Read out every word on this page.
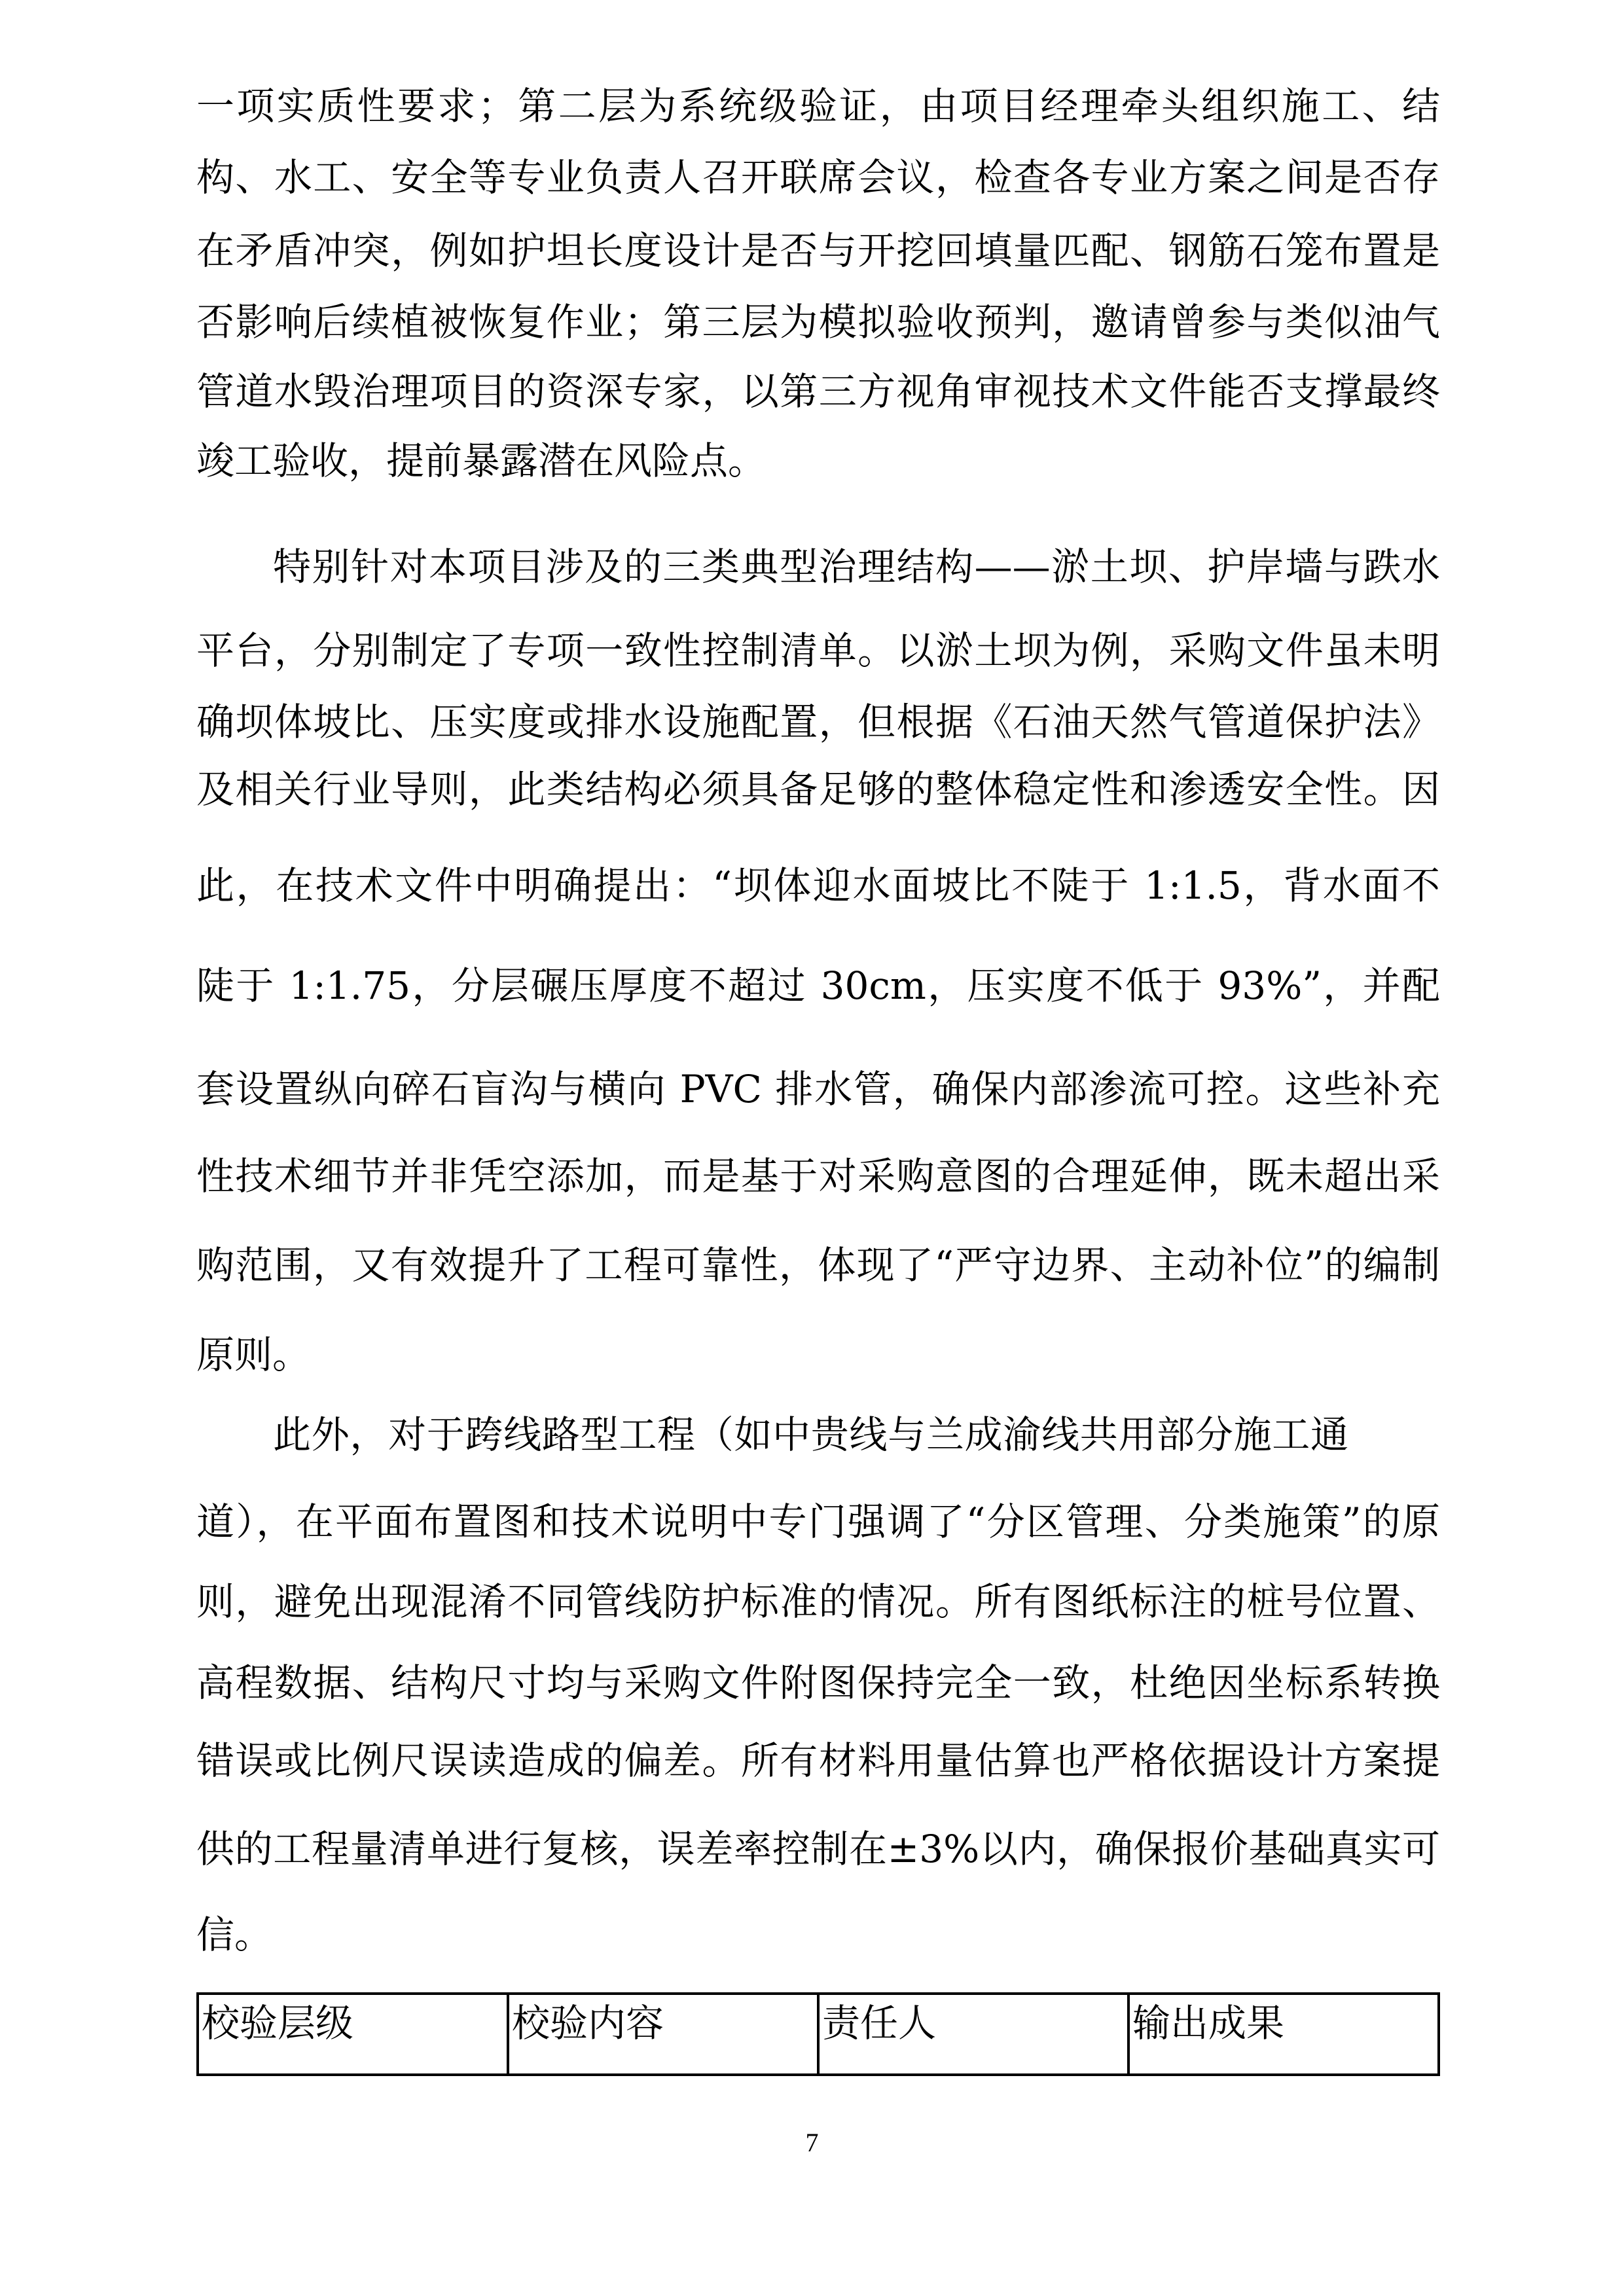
一项实质性要求；第二层为系统级验证，由项目经理牵头组织施工、结
构、水工、安全等专业负责人召开联席会议，检查各专业方案之间是否存
在矛盾冲突，例如护坦长度设计是否与开挖回填量匹配、钢筋石笼布置是
否影响后续植被恢复作业；第三层为模拟验收预判，邀请曾参与类似油气
管道水毁治理项目的资深专家，以第三方视角审视技术文件能否支撑最终
竣工验收，提前暴露潜在风险点。
特别针对本项目涉及的三类典型治理结构——淤土坝、护岸墙与跌水
平台，分别制定了专项一致性控制清单。以淤土坝为例，采购文件虽未明
确坝体坡比、压实度或排水设施配置，但根据《石油天然气管道保护法》
及相关行业导则，此类结构必须具备足够的整体稳定性和渗透安全性。因
此，在技术文件中明确提出：“坝体迎水面坡比不陡于 1:1.5，背水面不
陡于 1:1.75，分层碾压厚度不超过 30cm，压实度不低于 93%”，并配
套设置纵向碎石盲沟与横向 PVC 排水管，确保内部渗流可控。这些补充
性技术细节并非凭空添加，而是基于对采购意图的合理延伸，既未超出采
购范围，又有效提升了工程可靠性，体现了“严守边界、主动补位”的编制
原则。
此外，对于跨线路型工程（如中贵线与兰成渝线共用部分施工通
道），在平面布置图和技术说明中专门强调了“分区管理、分类施策”的原
则，避免出现混淆不同管线防护标准的情况。所有图纸标注的桩号位置、
高程数据、结构尺寸均与采购文件附图保持完全一致，杜绝因坐标系转换
错误或比例尺误读造成的偏差。所有材料用量估算也严格依据设计方案提
供的工程量清单进行复核，误差率控制在±3%以内，确保报价基础真实可
信。
校验层级	校验内容	责任人	输出成果
7
